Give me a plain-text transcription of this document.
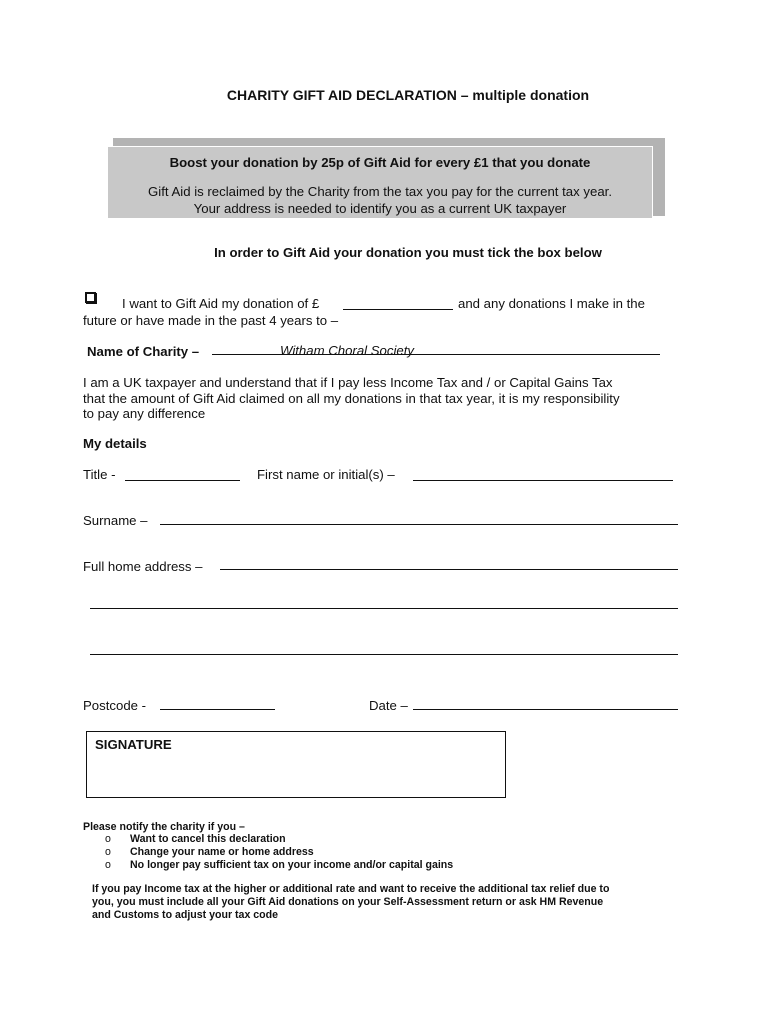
CHARITY GIFT AID DECLARATION – multiple donation
Boost your donation by 25p of Gift Aid for every £1 that you donate
Gift Aid is reclaimed by the Charity from the tax you pay for the current tax year.
Your address is needed to identify you as a current UK taxpayer
In order to Gift Aid your donation you must tick the box below
I want to Gift Aid my donation of £	and any donations I make in the
future or have made in the past 4 years to –
Name of Charity –	Witham Choral Society
I am a UK taxpayer and understand that if I pay less Income Tax and / or Capital Gains Tax
that the amount of Gift Aid claimed on all my donations in that tax year, it is my responsibility
to pay any difference
My details
Title -	First name or initial(s) –
Surname –
Full home address –
Postcode -	Date –
SIGNATURE
Please notify the charity if you –
o Want to cancel this declaration
o Change your name or home address
o No longer pay sufficient tax on your income and/or capital gains
If you pay Income tax at the higher or additional rate and want to receive the additional tax relief due to
you, you must include all your Gift Aid donations on your Self-Assessment return or ask HM Revenue
and Customs to adjust your tax code
